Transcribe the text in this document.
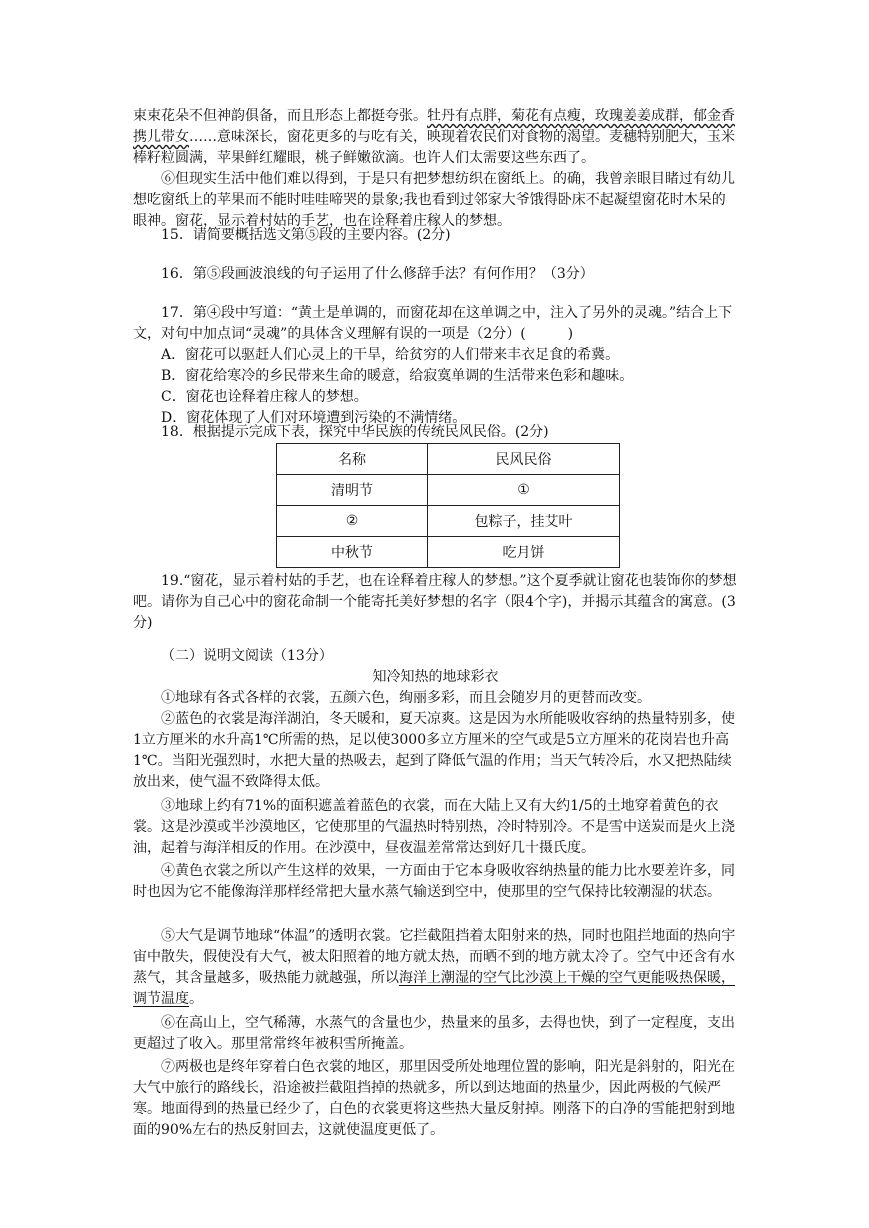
束束花朵不但神韵俱备，而且形态上都挺夸张。牡丹有点胖，菊花有点瘦，玫瑰姜姜成群，郁金香携儿带女……意味深长，窗花更多的与吃有关，映现着农民们对食物的渴望。麦穗特别肥大，玉米棒籽粒圆满，苹果鲜红耀眼，桃子鲜嫩欲滴。也许人们太需要这些东西了。

⑥但现实生活中他们难以得到，于是只有把梦想纺织在窗纸上。的确，我曾亲眼目睹过有幼儿想吃窗纸上的苹果而不能时哇哇啼哭的景象;我也看到过邻家大爷饿得卧床不起凝望窗花时木呆的眼神。窗花，显示着村姑的手艺，也在诠释着庄稼人的梦想。

15．请简要概括选文第⑤段的主要内容。(2分)

16．第⑤段画波浪线的句子运用了什么修辞手法？有何作用？（3分）

17．第④段中写道：“黄土是单调的，而窗花却在这单调之中，注入了另外的灵魂。”结合上下文，对句中加点词“灵魂”的具体含义理解有误的一项是（2分）(　　　)

A．窗花可以驱赶人们心灵上的干旱，给贫穷的人们带来丰衣足食的希冀。

B．窗花给寒冷的乡民带来生命的暖意，给寂寞单调的生活带来色彩和趣味。

C．窗花也诠释着庄稼人的梦想。

D．窗花体现了人们对环境遭到污染的不满情绪。

18．根据提示完成下表，探究中华民族的传统民风民俗。(2分)

名称	民风民俗
清明节	①
②	包粽子，挂艾叶
中秋节	吃月饼

19.“窗花，显示着村姑的手艺，也在诠释着庄稼人的梦想。”这个夏季就让窗花也装饰你的梦想吧。请你为自己心中的窗花命制一个能寄托美好梦想的名字（限4个字)，并揭示其蕴含的寓意。(3分)

（二）说明文阅读（13分）

知冷知热的地球彩衣

①地球有各式各样的衣裳，五颜六色，绚丽多彩，而且会随岁月的更替而改变。

②蓝色的衣裳是海洋湖泊，冬天暖和，夏天凉爽。这是因为水所能吸收容纳的热量特别多，使1立方厘米的水升高1℃所需的热，足以使3000多立方厘米的空气或是5立方厘米的花岗岩也升高1℃。当阳光强烈时，水把大量的热吸去，起到了降低气温的作用；当天气转冷后，水又把热陆续放出来，使气温不致降得太低。

③地球上约有71%的面积遮盖着蓝色的衣裳，而在大陆上又有大约1/5的土地穿着黄色的衣裳。这是沙漠或半沙漠地区，它使那里的气温热时特别热，冷时特别冷。不是雪中送炭而是火上浇油，起着与海洋相反的作用。在沙漠中，昼夜温差常常达到好几十摄氏度。

④黄色衣裳之所以产生这样的效果，一方面由于它本身吸收容纳热量的能力比水要差许多，同时也因为它不能像海洋那样经常把大量水蒸气输送到空中，使那里的空气保持比较潮湿的状态。

⑤大气是调节地球“体温”的透明衣裳。它拦截阻挡着太阳射来的热，同时也阻拦地面的热向宇宙中散失，假使没有大气，被太阳照着的地方就太热，而晒不到的地方就太冷了。空气中还含有水蒸气，其含量越多，吸热能力就越强，所以海洋上潮湿的空气比沙漠上干燥的空气更能吸热保暖，调节温度。

⑥在高山上，空气稀薄，水蒸气的含量也少，热量来的虽多，去得也快，到了一定程度，支出更超过了收入。那里常常终年被积雪所掩盖。

⑦两极也是终年穿着白色衣裳的地区，那里因受所处地理位置的影响，阳光是斜射的，阳光在大气中旅行的路线长，沿途被拦截阻挡掉的热就多，所以到达地面的热量少，因此两极的气候严寒。地面得到的热量已经少了，白色的衣裳更将这些热大量反射掉。刚落下的白净的雪能把射到地面的90%左右的热反射回去，这就使温度更低了。
